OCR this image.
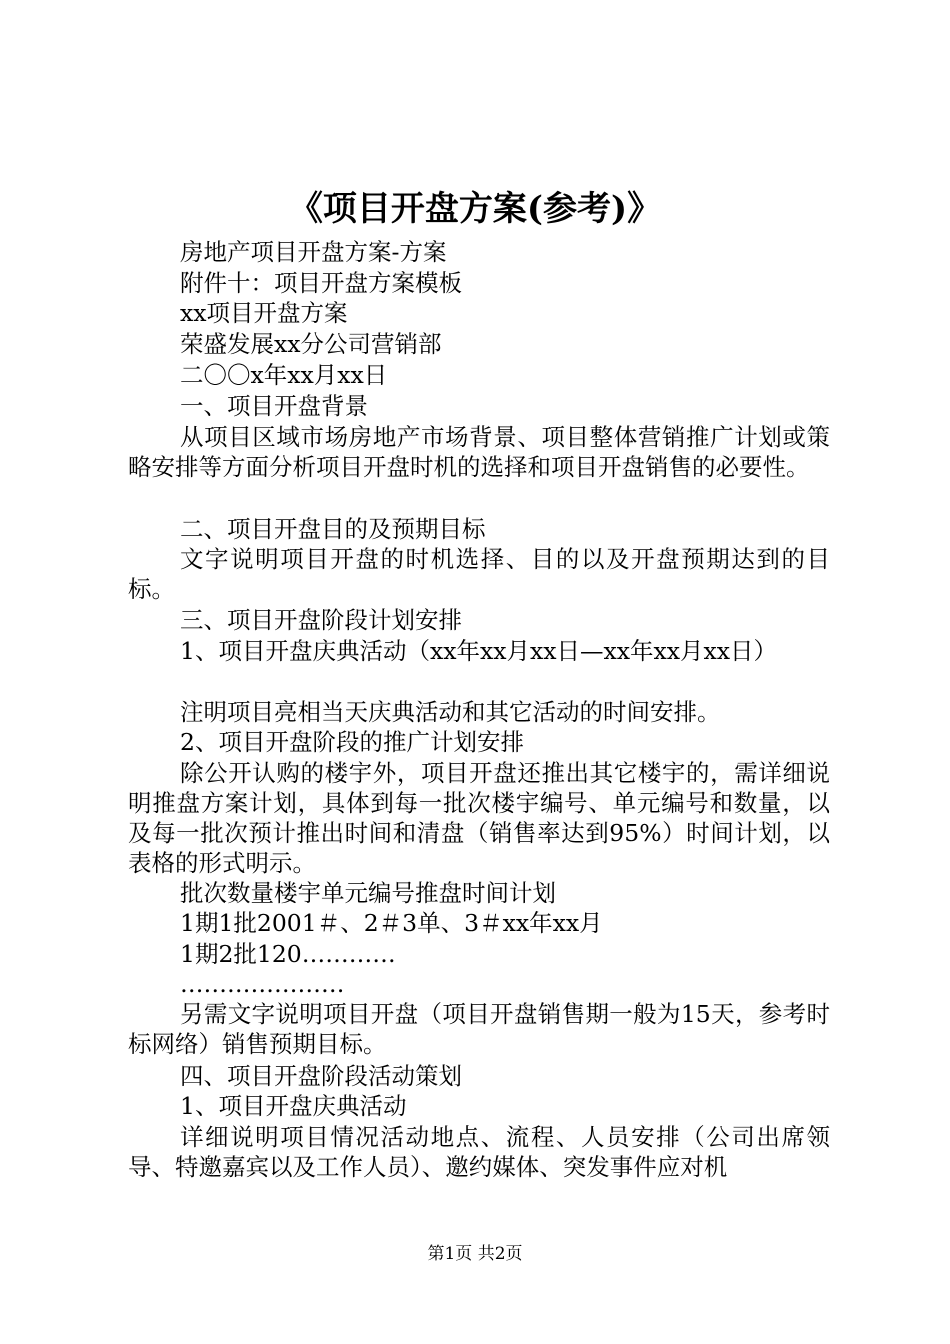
《项目开盘方案(参考)》
房地产项目开盘方案-方案
附件十：项目开盘方案模板
xx项目开盘方案
荣盛发展xx分公司营销部
二〇〇x年xx月xx日
一、项目开盘背景
从项目区域市场房地产市场背景、项目整体营销推广计划或策略安排等方面分析项目开盘时机的选择和项目开盘销售的必要性。
二、项目开盘目的及预期目标
文字说明项目开盘的时机选择、目的以及开盘预期达到的目标。
三、项目开盘阶段计划安排
1、项目开盘庆典活动（xx年xx月xx日—xx年xx月xx日）
注明项目亮相当天庆典活动和其它活动的时间安排。
2、项目开盘阶段的推广计划安排
除公开认购的楼宇外，项目开盘还推出其它楼宇的，需详细说明推盘方案计划，具体到每一批次楼宇编号、单元编号和数量，以及每一批次预计推出时间和清盘（销售率达到95%）时间计划，以表格的形式明示。
批次数量楼宇单元编号推盘时间计划
1期1批2001＃、2＃3单、3＃xx年xx月
1期2批120…………
…………………
另需文字说明项目开盘（项目开盘销售期一般为15天，参考时标网络）销售预期目标。
四、项目开盘阶段活动策划
1、项目开盘庆典活动
详细说明项目情况活动地点、流程、人员安排（公司出席领导、特邀嘉宾以及工作人员）、邀约媒体、突发事件应对机
第1页 共2页
